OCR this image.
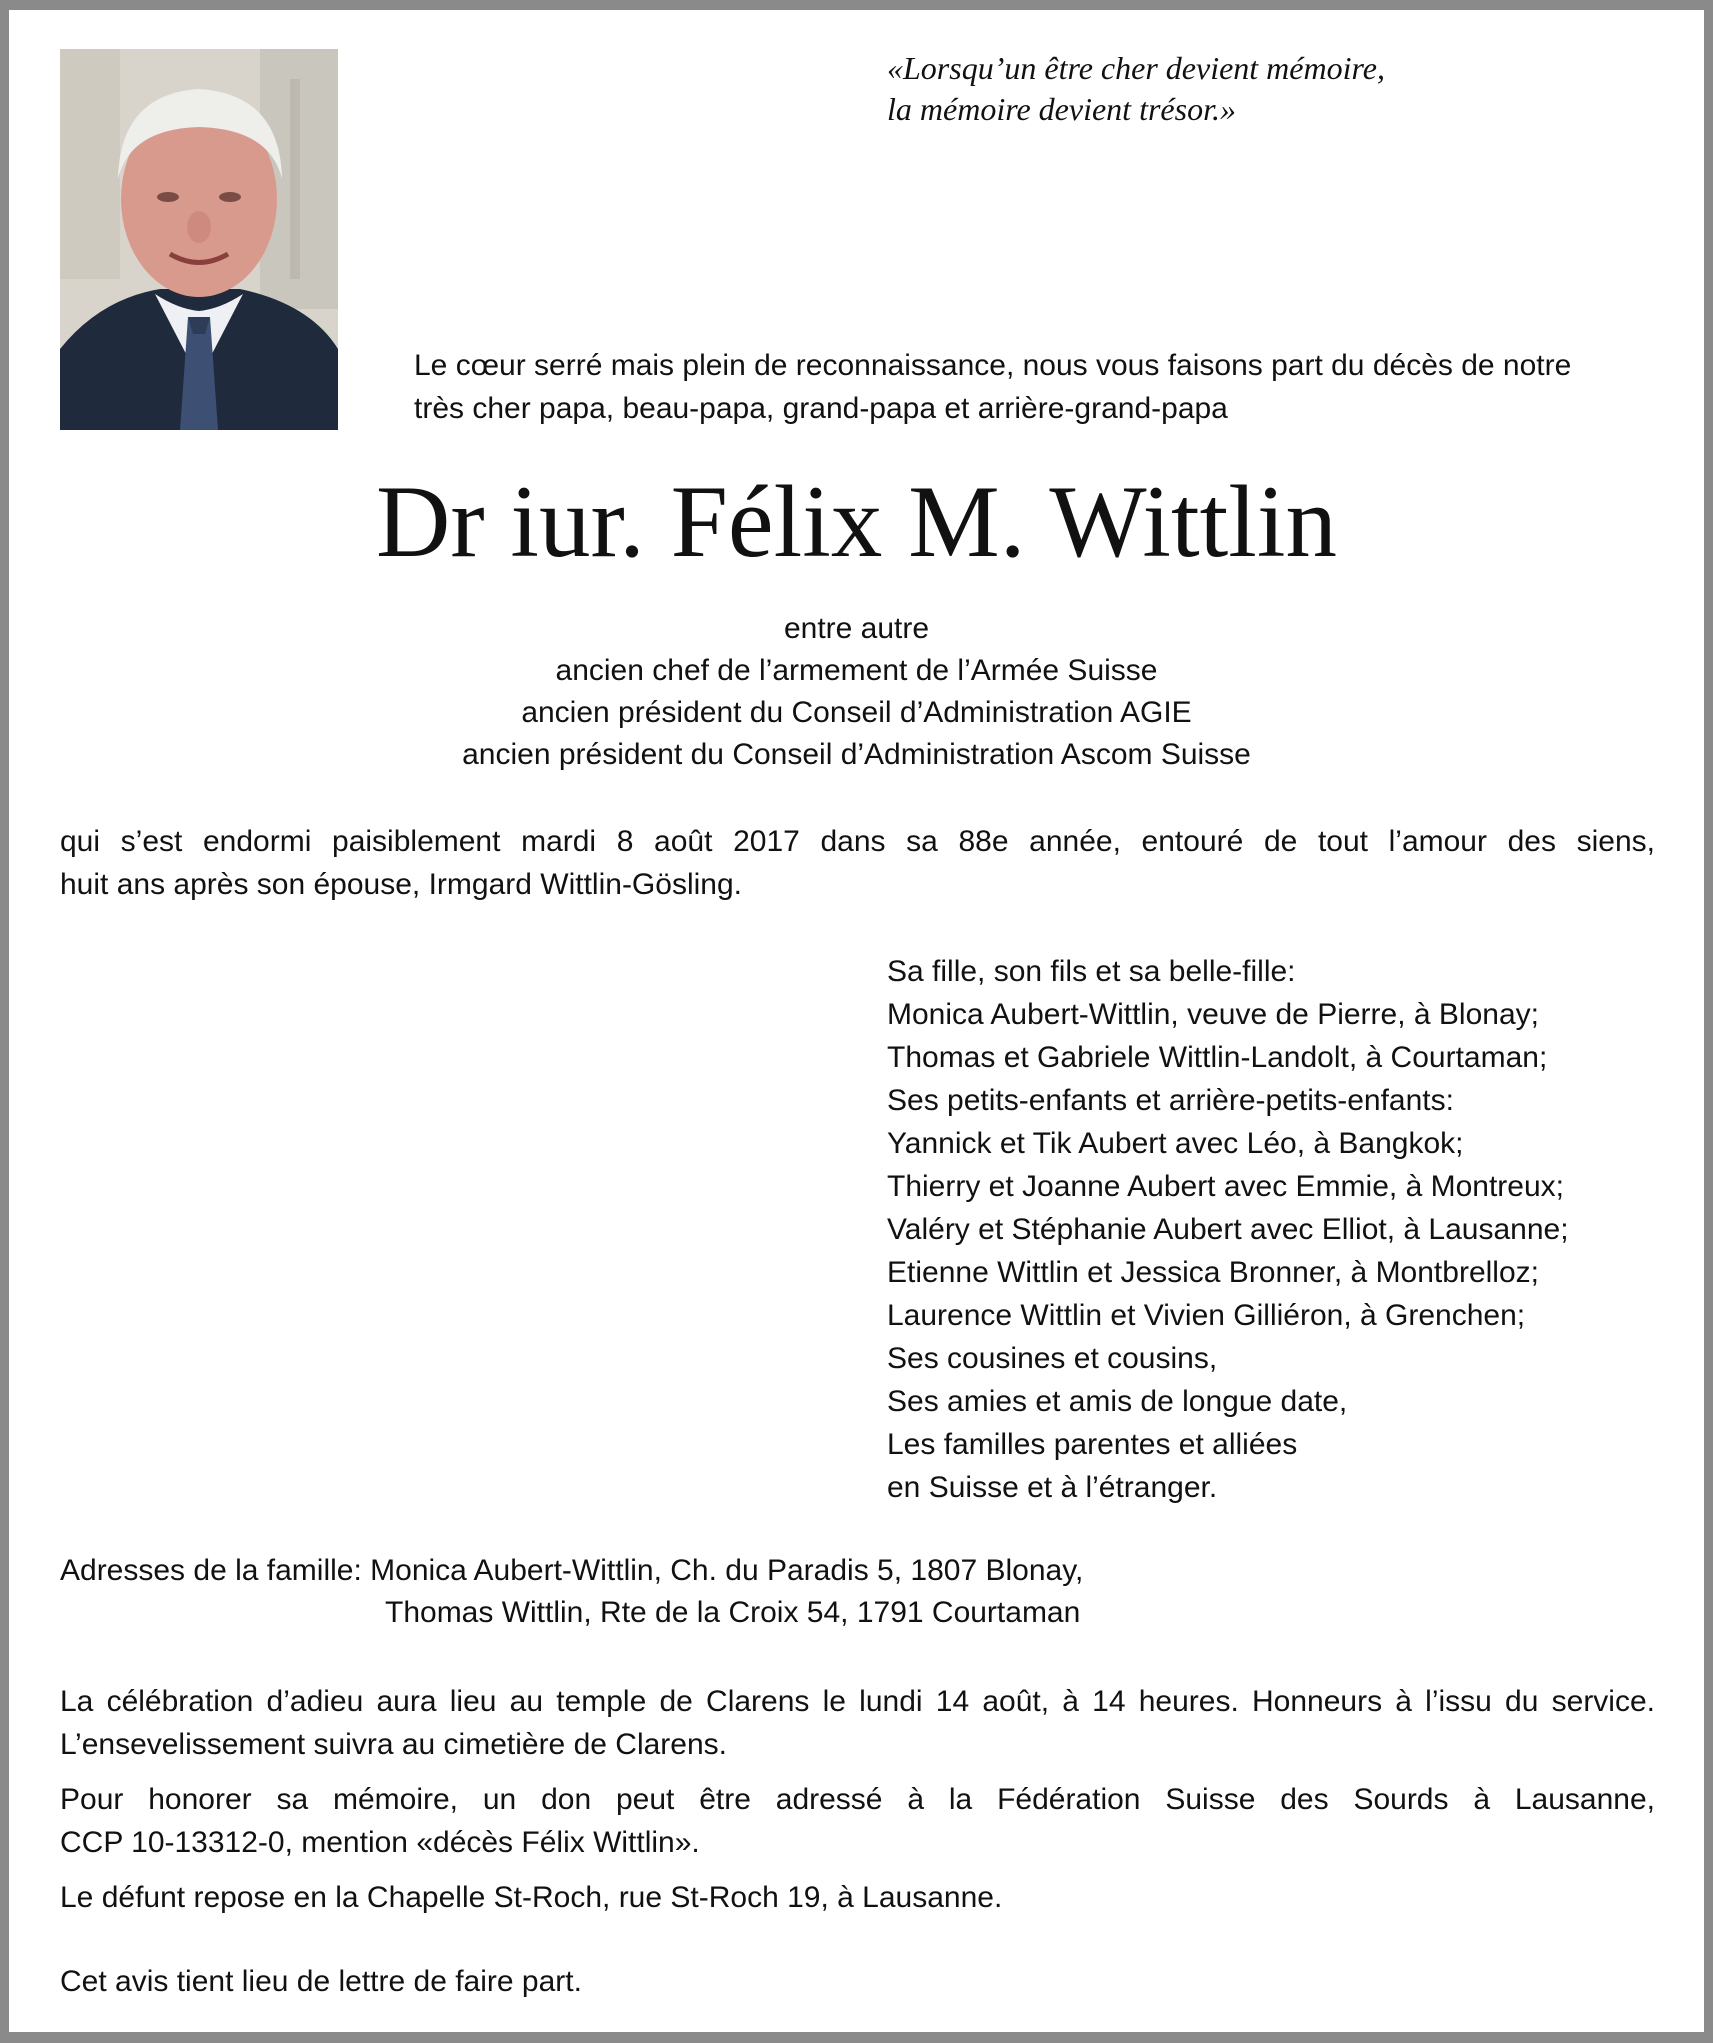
«Lorsqu’un être cher devient mémoire,
la mémoire devient trésor.»
Le cœur serré mais plein de reconnaissance, nous vous faisons part du décès de notre
très cher papa, beau-papa, grand-papa et arrière-grand-papa
Dr iur. Félix M. Wittlin
entre autre
ancien chef de l’armement de l’Armée Suisse
ancien président du Conseil d’Administration AGIE
ancien président du Conseil d’Administration Ascom Suisse
qui s’est endormi paisiblement mardi 8 août 2017 dans sa 88e année, entouré de tout l’amour des siens,
huit ans après son épouse, Irmgard Wittlin-Gösling.
Sa fille, son fils et sa belle-fille:
Monica Aubert-Wittlin, veuve de Pierre, à Blonay;
Thomas et Gabriele Wittlin-Landolt, à Courtaman;
Ses petits-enfants et arrière-petits-enfants:
Yannick et Tik Aubert avec Léo, à Bangkok;
Thierry et Joanne Aubert avec Emmie, à Montreux;
Valéry et Stéphanie Aubert avec Elliot, à Lausanne;
Etienne Wittlin et Jessica Bronner, à Montbrelloz;
Laurence Wittlin et Vivien Gilliéron, à Grenchen;
Ses cousines et cousins,
Ses amies et amis de longue date,
Les familles parentes et alliées
en Suisse et à l’étranger.
Adresses de la famille: Monica Aubert-Wittlin, Ch. du Paradis 5, 1807 Blonay,
Thomas Wittlin, Rte de la Croix 54, 1791 Courtaman
La célébration d’adieu aura lieu au temple de Clarens le lundi 14 août, à 14 heures. Honneurs à l’issu du service.
L’ensevelissement suivra au cimetière de Clarens.
Pour honorer sa mémoire, un don peut être adressé à la Fédération Suisse des Sourds à Lausanne,
CCP 10-13312-0, mention «décès Félix Wittlin».
Le défunt repose en la Chapelle St-Roch, rue St-Roch 19, à Lausanne.
Cet avis tient lieu de lettre de faire part.
